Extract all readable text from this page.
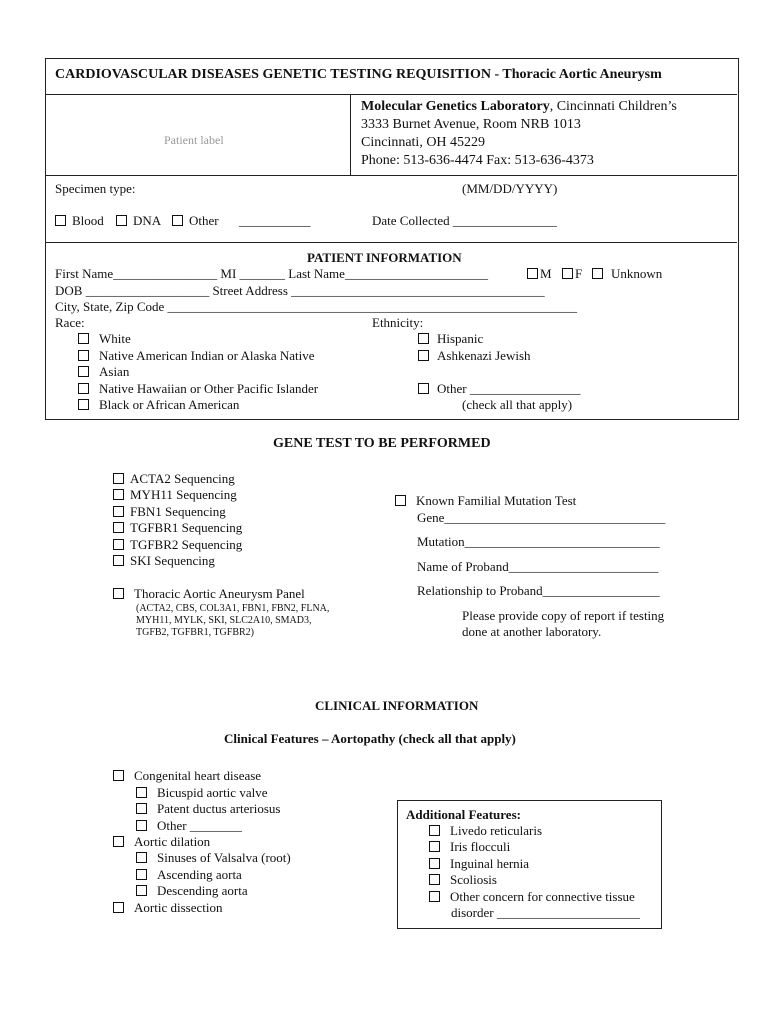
CARDIOVASCULAR DISEASES GENETIC TESTING REQUISITION - Thoracic Aortic Aneurysm
Patient label
Molecular Genetics Laboratory, Cincinnati Children’s
3333 Burnet Avenue, Room NRB 1013
Cincinnati, OH 45229
Phone: 513-636-4474 Fax: 513-636-4373
Specimen type:	(MM/DD/YYYY)
Blood	DNA	Other ___________	Date Collected ________________
PATIENT INFORMATION
First Name________________ MI _______ Last Name______________________	M	F	Unknown
DOB ___________________ Street Address _______________________________________
City, State, Zip Code _______________________________________________________________
Race:	Ethnicity:
White
Native American Indian or Alaska Native
Asian
Native Hawaiian or Other Pacific Islander
Black or African American
Hispanic
Ashkenazi Jewish
Other _________________
(check all that apply)
GENE TEST TO BE PERFORMED
ACTA2 Sequencing
MYH11 Sequencing
FBN1 Sequencing
TGFBR1 Sequencing
TGFBR2 Sequencing
SKI Sequencing
Thoracic Aortic Aneurysm Panel
(ACTA2, CBS, COL3A1, FBN1, FBN2, FLNA,
MYH11, MYLK, SKI, SLC2A10, SMAD3,
TGFB2, TGFBR1, TGFBR2)
Known Familial Mutation Test
Gene__________________________________
Mutation______________________________
Name of Proband_______________________
Relationship to Proband__________________
Please provide copy of report if testing
done at another laboratory.
CLINICAL INFORMATION
Clinical Features – Aortopathy (check all that apply)
Congenital heart disease
Bicuspid aortic valve
Patent ductus arteriosus
Other ________
Aortic dilation
Sinuses of Valsalva (root)
Ascending aorta
Descending aorta
Aortic dissection
Additional Features:
Livedo reticularis
Iris flocculi
Inguinal hernia
Scoliosis
Other concern for connective tissue
disorder ______________________
